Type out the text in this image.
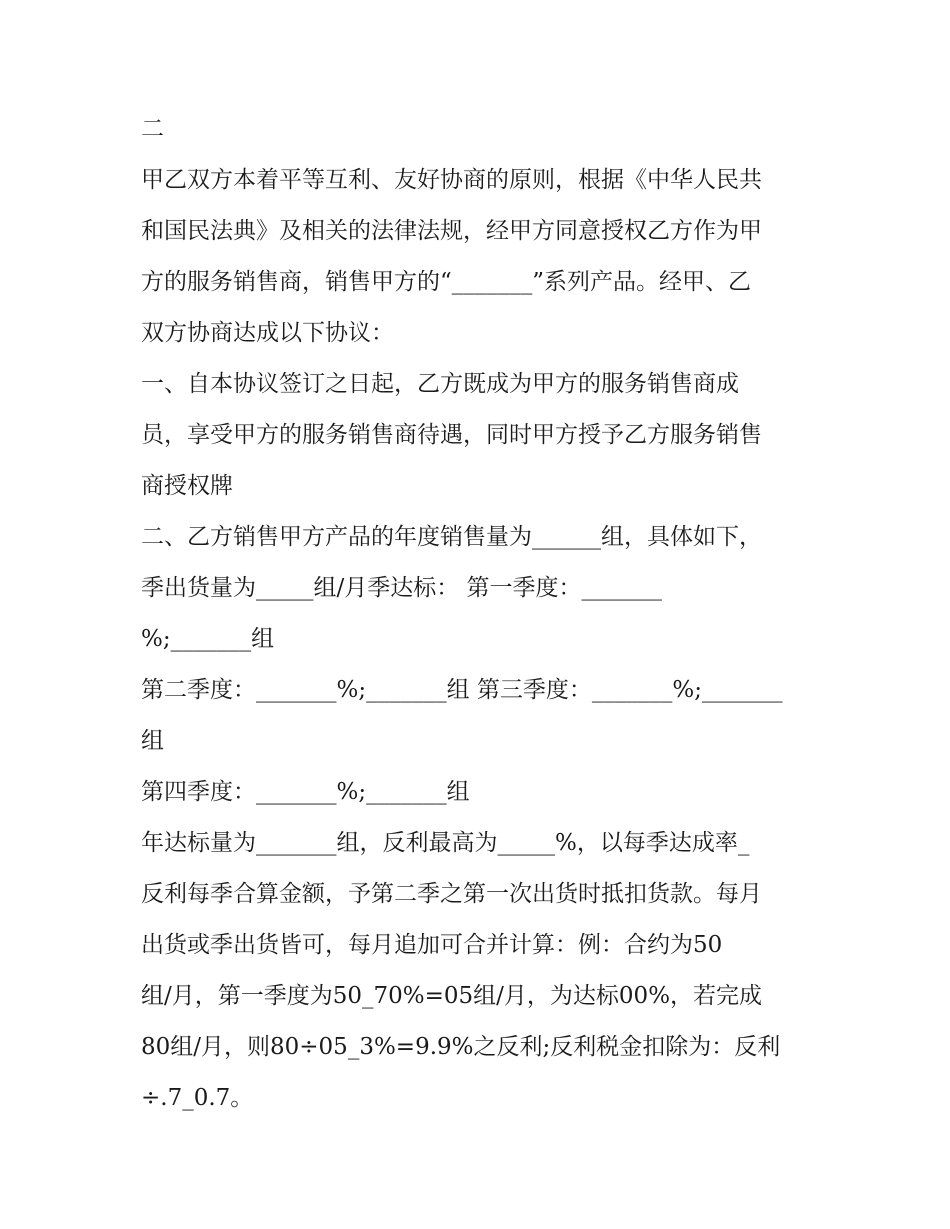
二
甲乙双方本着平等互利、友好协商的原则，根据《中华人民共
和国民法典》及相关的法律法规，经甲方同意授权乙方作为甲
方的服务销售商，销售甲方的“_______”系列产品。经甲、乙
双方协商达成以下协议：
一、自本协议签订之日起，乙方既成为甲方的服务销售商成
员，享受甲方的服务销售商待遇，同时甲方授予乙方服务销售
商授权牌
二、乙方销售甲方产品的年度销售量为______组，具体如下，
季出货量为_____组/月季达标： 第一季度：_______
%;_______组
第二季度：_______%;_______组 第三季度：_______%;_______
组
第四季度：_______%;_______组
年达标量为_______组，反利最高为_____%，以每季达成率_
反利每季合算金额，予第二季之第一次出货时抵扣货款。每月
出货或季出货皆可，每月追加可合并计算：例：合约为50
组/月，第一季度为50_70%=05组/月，为达标00%，若完成
80组/月，则80÷05_3%=9.9%之反利;反利税金扣除为：反利
÷.7_0.7。
